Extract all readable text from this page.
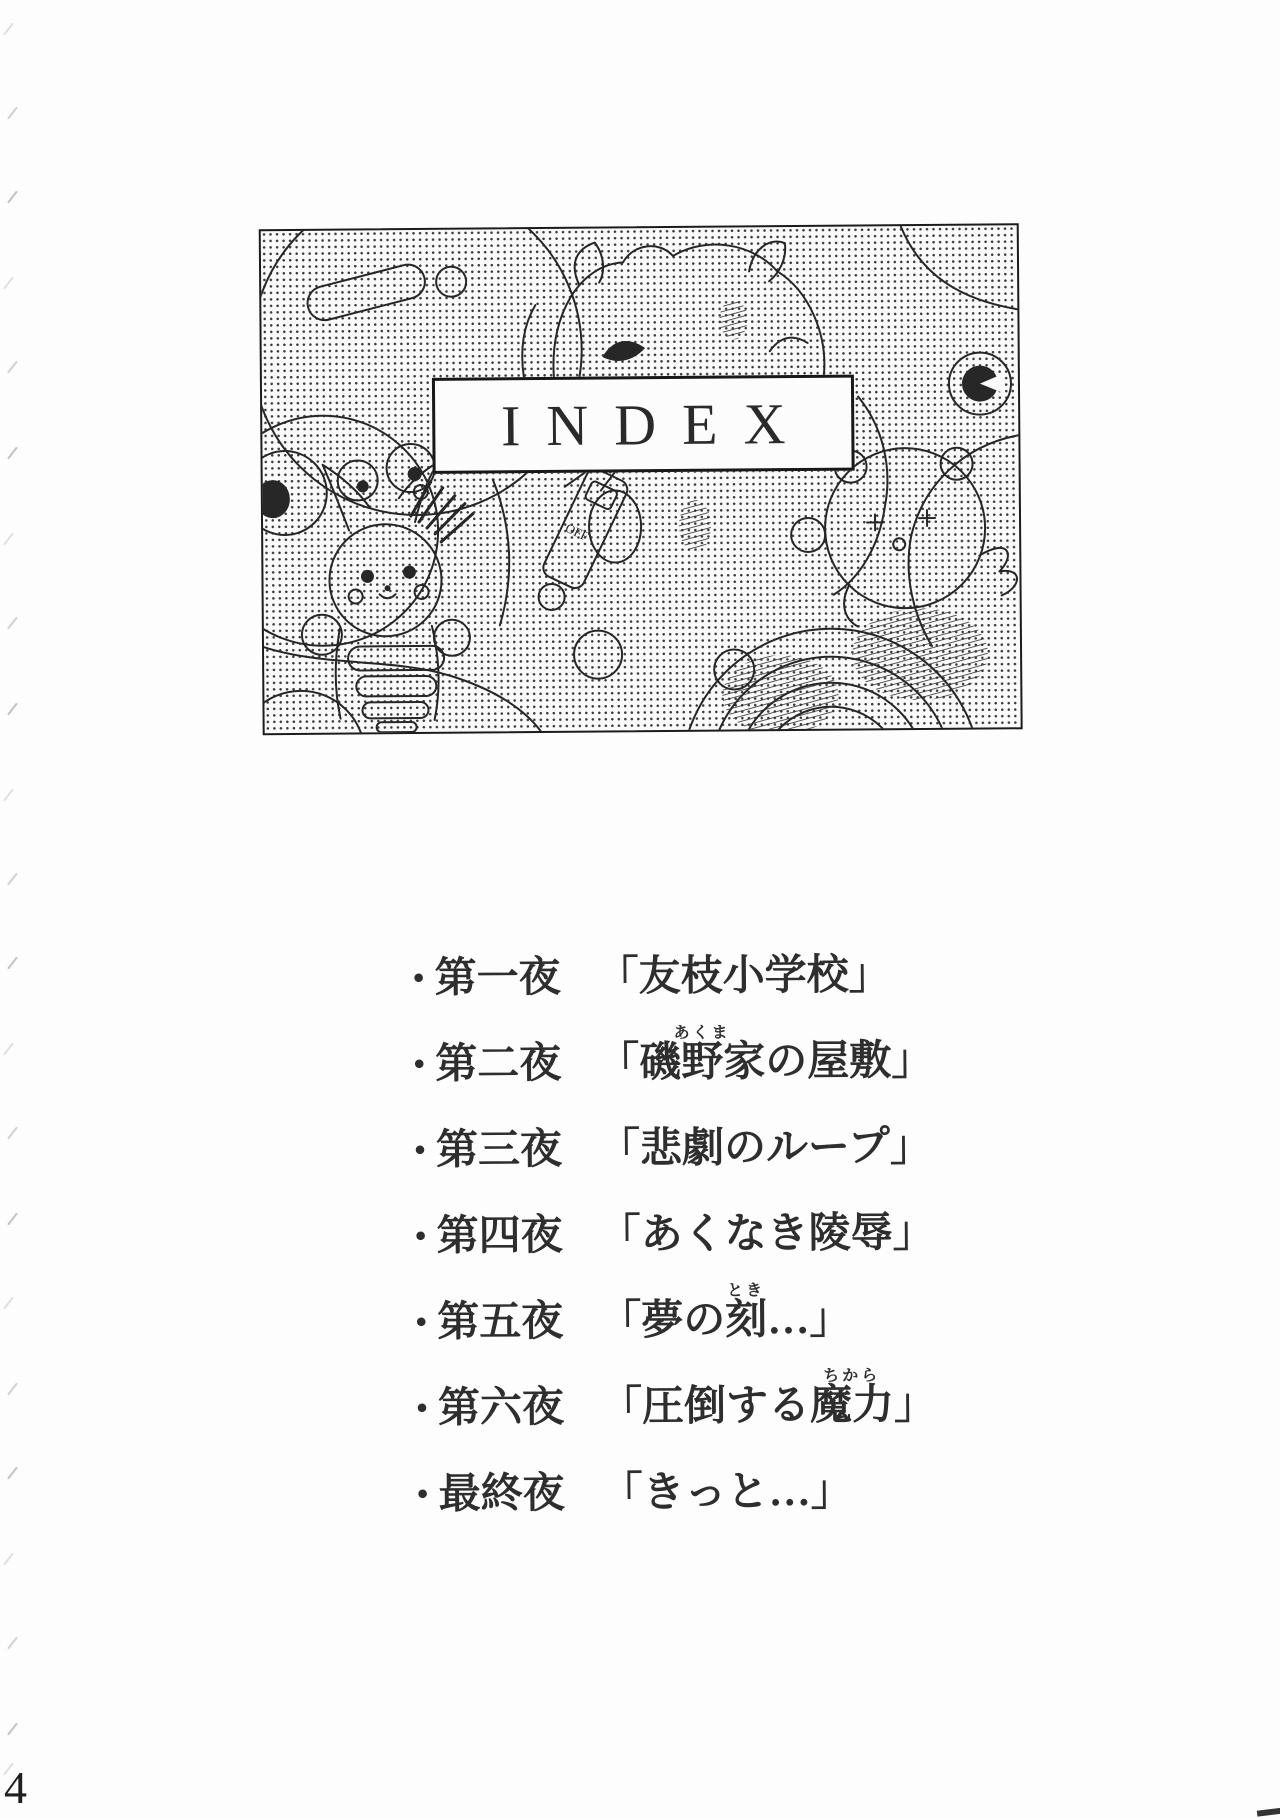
OFF
INDEX
・
第一夜 「友枝小学校」
・
第二夜 「磯野家あくまの屋敷」
・
第三夜 「悲劇のループ」
・
第四夜 「あくなき陵辱」
・
第五夜 「夢の刻とき…」
・
第六夜 「圧倒する魔力ちから」
・
最終夜 「きっと…」
4
